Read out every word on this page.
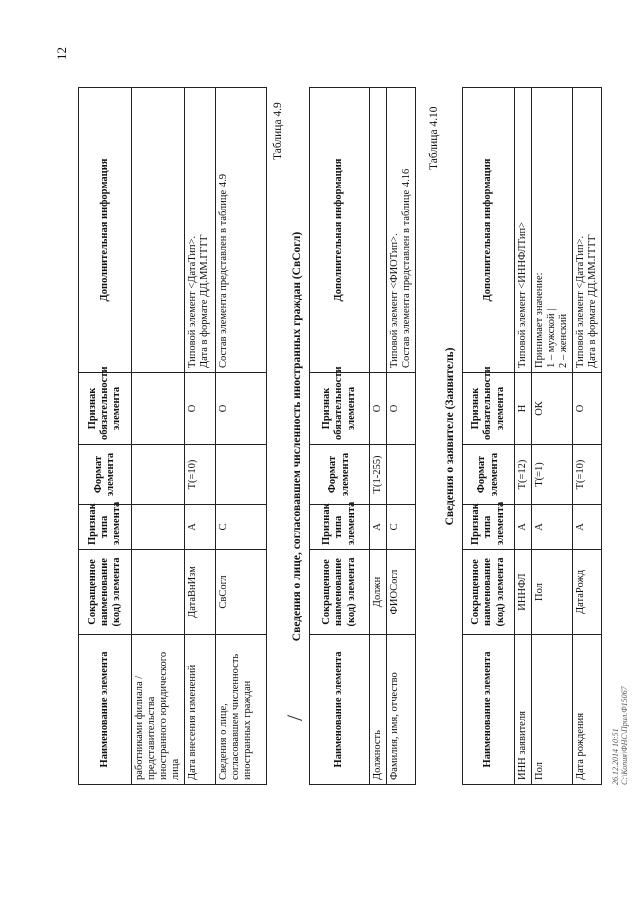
12
Наименование элемента	Сокращенное наименование (код) элемента	Признак типа элемента	Формат элемента	Признак обязательности элемента	Дополнительная информация
работниками филиала / представительства иностранного юридического лица					
Дата внесения изменений	ДатаВнИзм	А	T(=10)	О	Типовой элемент <ДатаТип>.
Дата в формате ДД.ММ.ГГГГ
Сведения о лице, согласовавшем численность иностранных граждан	СвСогл	С		О	Состав элемента представлен в таблице 4.9
Таблица 4.9
Сведения о лице, согласовавшем численность иностранных граждан (СвСогл)
/	Наименование элемента	Сокращенное наименование (код) элемента	Признак типа элемента	Формат элемента	Признак обязательности элемента	Дополнительная информация
Должность	Должн	А	T(1-255)	О	
Фамилия, имя, отчество	ФИОСогл	С		О	Типовой элемент <ФИОТип>.
Состав элемента представлен в таблице 4.16
Таблица 4.10
Сведения о заявителе (Заявитель)
Наименование элемента	Сокращенное наименование (код) элемента	Признак типа элемента	Формат элемента	Признак обязательности элемента	Дополнительная информация
ИНН заявителя	ИННФЛ	А	T(=12)	Н	Типовой элемент <ИННФЛТип>
Пол	Пол	А	T(=1)	ОК	Принимает значение:
1 – мужской |
2 – женский
Дата рождения	ДатаРожд	А	T(=10)	О	Типовой элемент <ДатаТип>.
Дата в формате ДД.ММ.ГГГГ
26.12.2014 10:51 С:\Копия\ФНС\Прил.Ф15067
